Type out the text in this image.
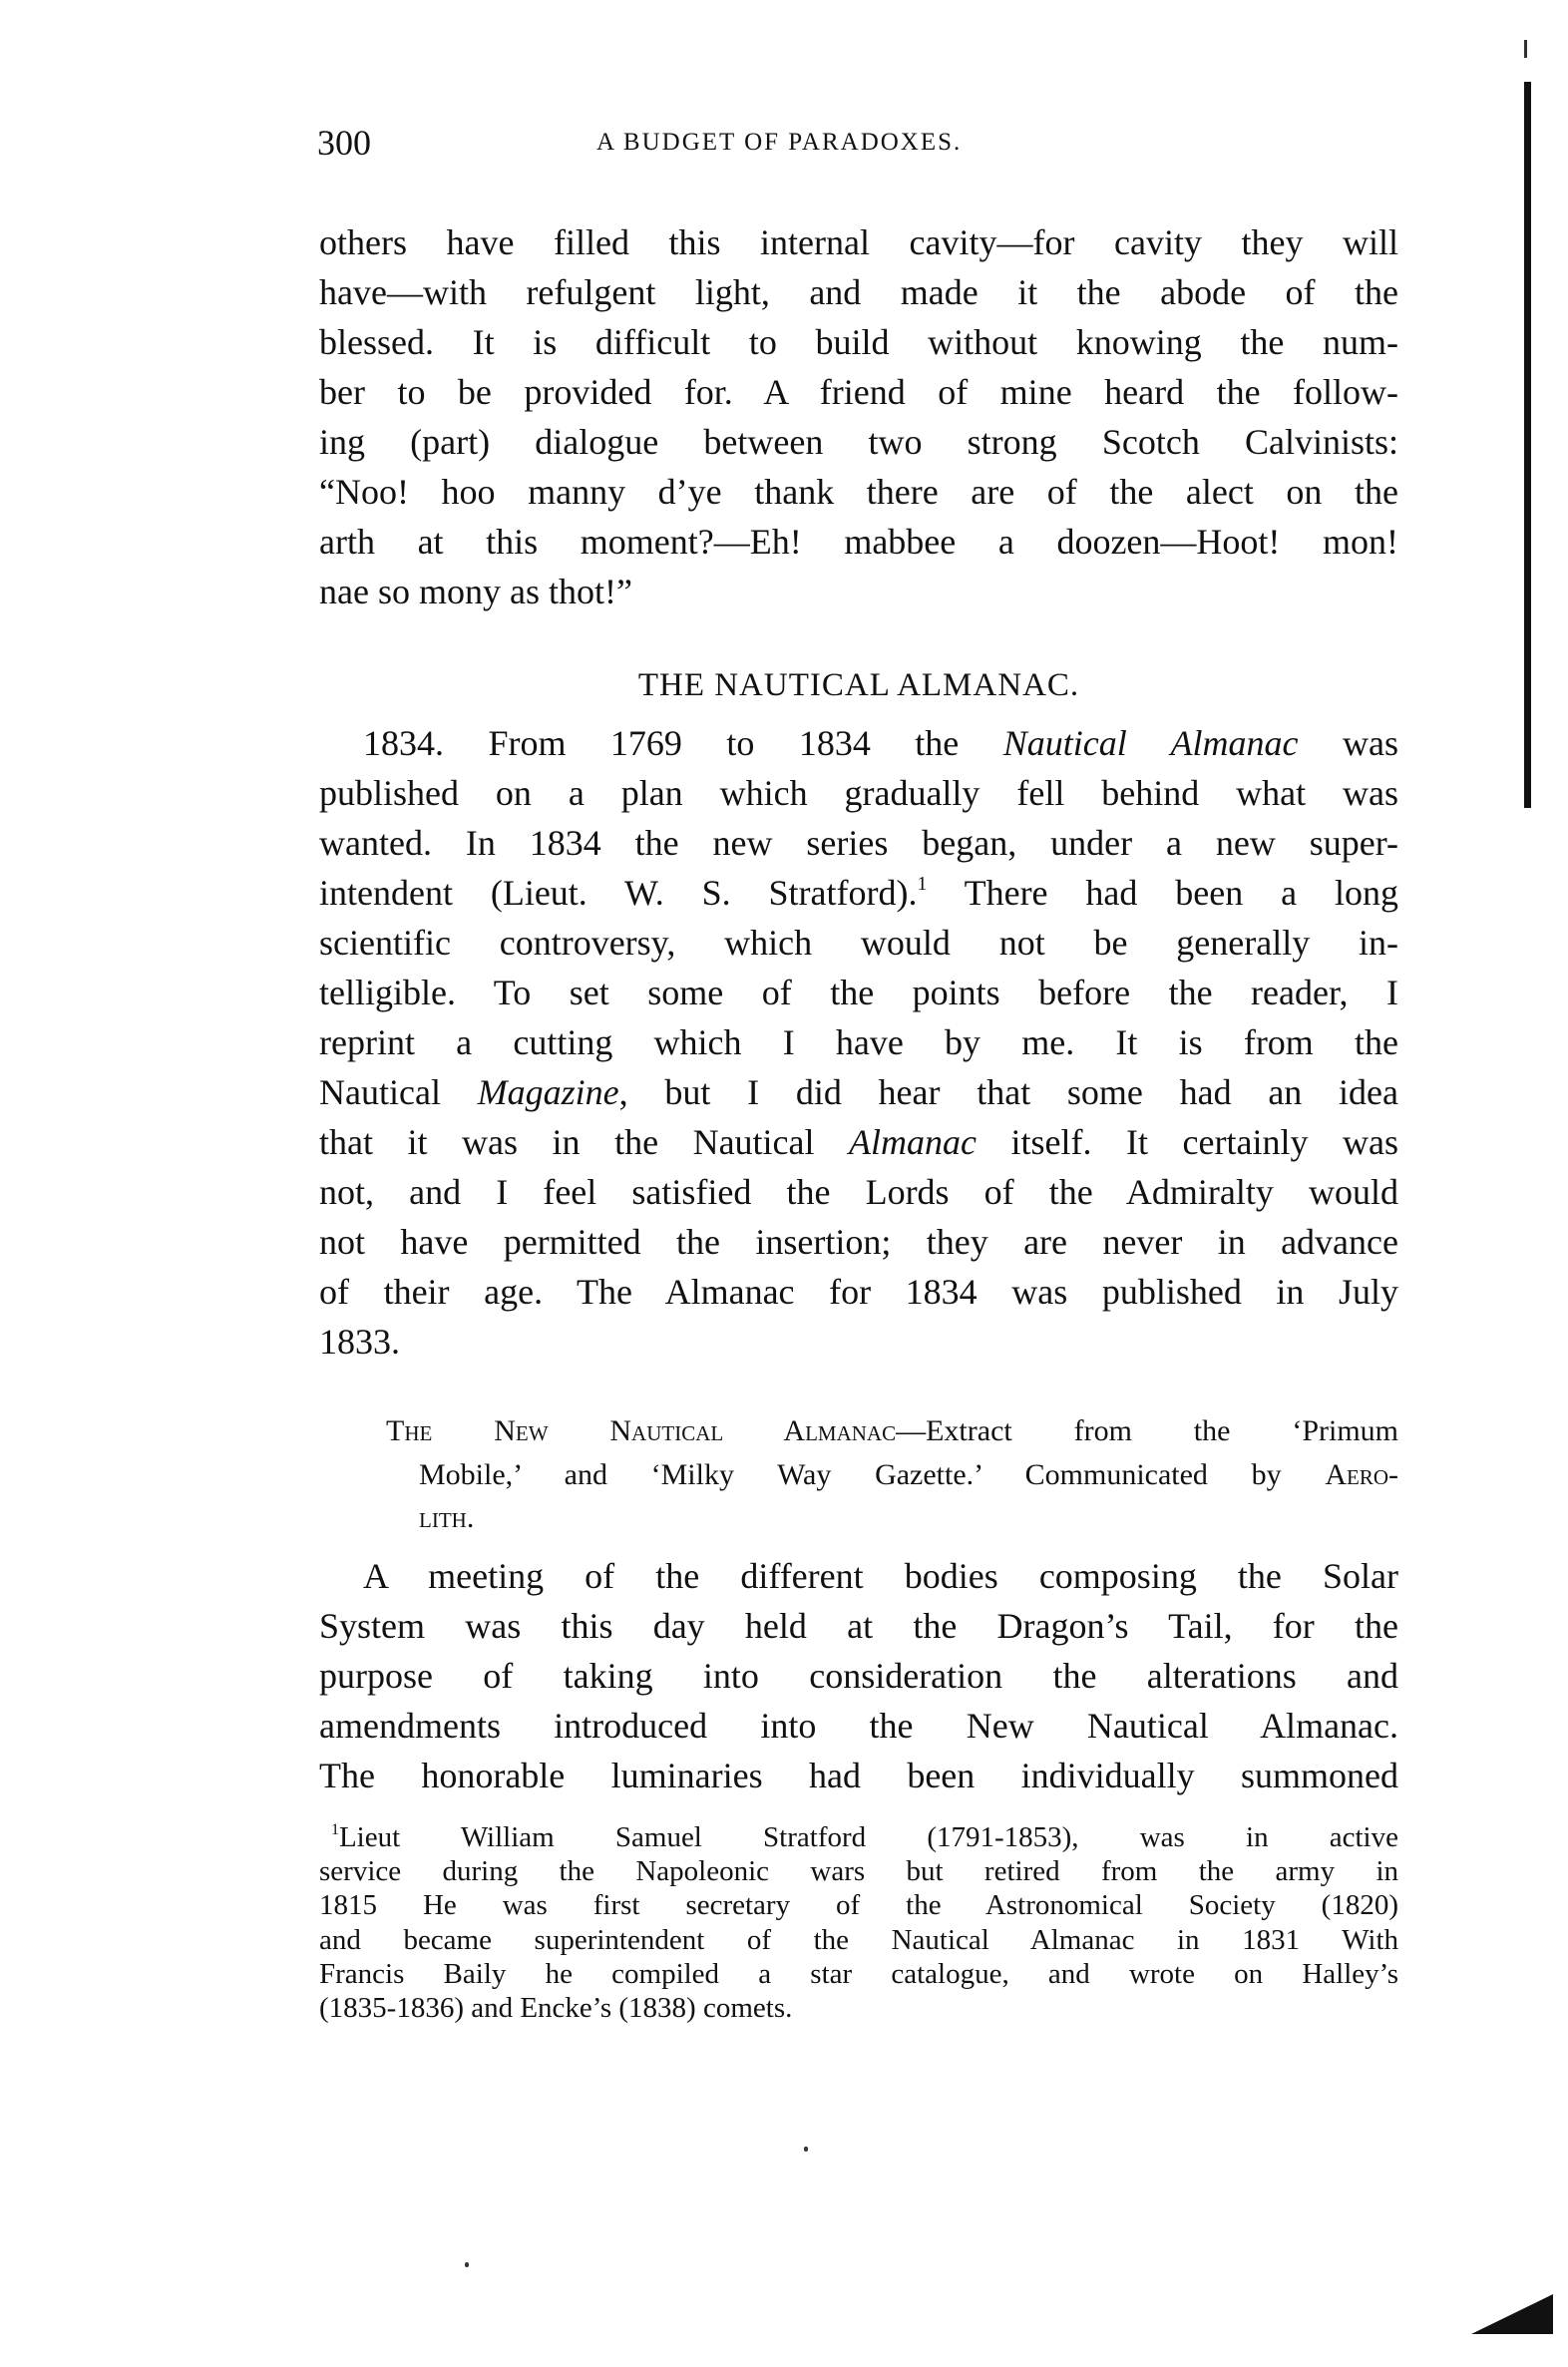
300	A BUDGET OF PARADOXES.
others have filled this internal cavity—for cavity they will
have—with refulgent light, and made it the abode of the
blessed. It is difficult to build without knowing the num-
ber to be provided for. A friend of mine heard the follow-
ing (part) dialogue between two strong Scotch Calvinists:
“Noo! hoo manny d’ye thank there are of the alect on the
arth at this moment?—Eh! mabbee a doozen—Hoot! mon!
nae so mony as thot!”
THE NAUTICAL ALMANAC.
1834. From 1769 to 1834 the Nautical Almanac was
published on a plan which gradually fell behind what was
wanted. In 1834 the new series began, under a new super-
intendent (Lieut. W. S. Stratford).$^1$ There had been a long
scientific controversy, which would not be generally in-
telligible. To set some of the points before the reader, I
reprint a cutting which I have by me. It is from the
Nautical Magazine, but I did hear that some had an idea
that it was in the Nautical Almanac itself. It certainly was
not, and I feel satisfied the Lords of the Admiralty would
not have permitted the insertion; they are never in advance
of their age. The Almanac for 1834 was published in July
1833.
The New Nautical Almanac—Extract from the ‘Primum
Mobile,’ and ‘Milky Way Gazette.’ Communicated by Aero-
lith.
A meeting of the different bodies composing the Solar
System was this day held at the Dragon’s Tail, for the
purpose of taking into consideration the alterations and
amendments introduced into the New Nautical Almanac.
The honorable luminaries had been individually summoned
$^1$Lieut William Samuel Stratford (1791-1853), was in active
service during the Napoleonic wars but retired from the army in
1815 He was first secretary of the Astronomical Society (1820)
and became superintendent of the Nautical Almanac in 1831 With
Francis Baily he compiled a star catalogue, and wrote on Halley’s
(1835-1836) and Encke’s (1838) comets.
